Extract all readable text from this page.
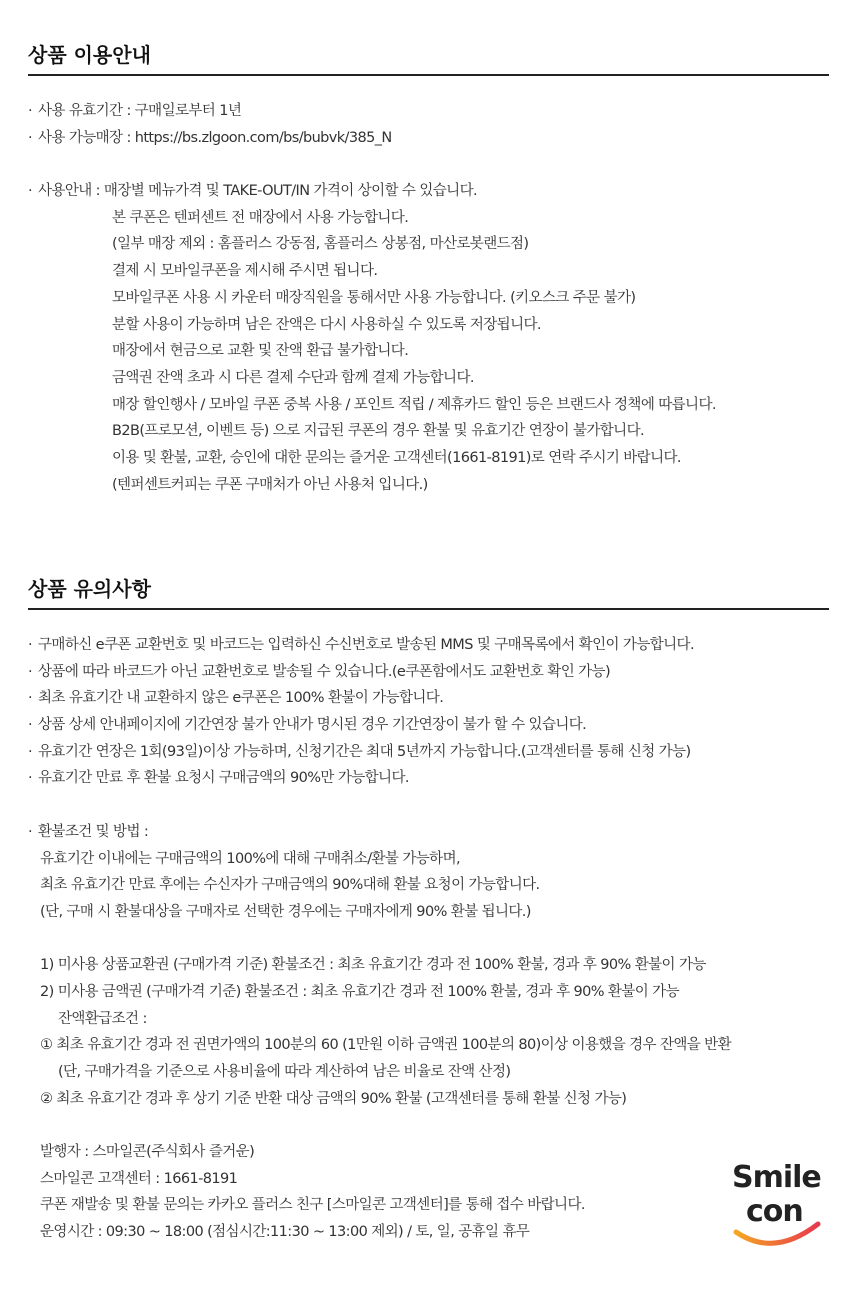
상품 이용안내
· 사용 유효기간 : 구매일로부터 1년
· 사용 가능매장 : https://bs.zlgoon.com/bs/bubvk/385_N
· 사용안내 : 매장별 메뉴가격 및 TAKE-OUT/IN 가격이 상이할 수 있습니다.
본 쿠폰은 텐퍼센트 전 매장에서 사용 가능합니다.
(일부 매장 제외 : 홈플러스 강동점, 홈플러스 상봉점, 마산로봇랜드점)
결제 시 모바일쿠폰을 제시해 주시면 됩니다.
모바일쿠폰 사용 시 카운터 매장직원을 통해서만 사용 가능합니다. (키오스크 주문 불가)
분할 사용이 가능하며 남은 잔액은 다시 사용하실 수 있도록 저장됩니다.
매장에서 현금으로 교환 및 잔액 환급 불가합니다.
금액권 잔액 초과 시 다른 결제 수단과 함께 결제 가능합니다.
매장 할인행사 / 모바일 쿠폰 중복 사용 / 포인트 적립 / 제휴카드 할인 등은 브랜드사 정책에 따릅니다.
B2B(프로모션, 이벤트 등) 으로 지급된 쿠폰의 경우 환불 및 유효기간 연장이 불가합니다.
이용 및 환불, 교환, 승인에 대한 문의는 즐거운 고객센터(1661-8191)로 연락 주시기 바랍니다.
(텐퍼센트커피는 쿠폰 구매처가 아닌 사용처 입니다.)
상품 유의사항
· 구매하신 e쿠폰 교환번호 및 바코드는 입력하신 수신번호로 발송된 MMS 및 구매목록에서 확인이 가능합니다.
· 상품에 따라 바코드가 아닌 교환번호로 발송될 수 있습니다.(e쿠폰함에서도 교환번호 확인 가능)
· 최초 유효기간 내 교환하지 않은 e쿠폰은 100% 환불이 가능합니다.
· 상품 상세 안내페이지에 기간연장 불가 안내가 명시된 경우 기간연장이 불가 할 수 있습니다.
· 유효기간 연장은 1회(93일)이상 가능하며, 신청기간은 최대 5년까지 가능합니다.(고객센터를 통해 신청 가능)
· 유효기간 만료 후 환불 요청시 구매금액의 90%만 가능합니다.
· 환불조건 및 방법 :
유효기간 이내에는 구매금액의 100%에 대해 구매취소/환불 가능하며,
최초 유효기간 만료 후에는 수신자가 구매금액의 90%대해 환불 요청이 가능합니다.
(단, 구매 시 환불대상을 구매자로 선택한 경우에는 구매자에게 90% 환불 됩니다.)
1) 미사용 상품교환권 (구매가격 기준) 환불조건 : 최초 유효기간 경과 전 100% 환불, 경과 후 90% 환불이 가능
2) 미사용 금액권 (구매가격 기준) 환불조건 : 최초 유효기간 경과 전 100% 환불, 경과 후 90% 환불이 가능
잔액환급조건 :
① 최초 유효기간 경과 전 권면가액의 100분의 60 (1만원 이하 금액권 100분의 80)이상 이용했을 경우 잔액을 반환
(단, 구매가격을 기준으로 사용비율에 따라 계산하여 남은 비율로 잔액 산정)
② 최초 유효기간 경과 후 상기 기준 반환 대상 금액의 90% 환불 (고객센터를 통해 환불 신청 가능)
발행자 : 스마일콘(주식회사 즐거운)
스마일콘 고객센터 : 1661-8191
쿠폰 재발송 및 환불 문의는 카카오 플러스 친구 [스마일콘 고객센터]를 통해 접수 바랍니다.
운영시간 : 09:30 ~ 18:00 (점심시간:11:30 ~ 13:00 제외) / 토, 일, 공휴일 휴무
Smile
con
